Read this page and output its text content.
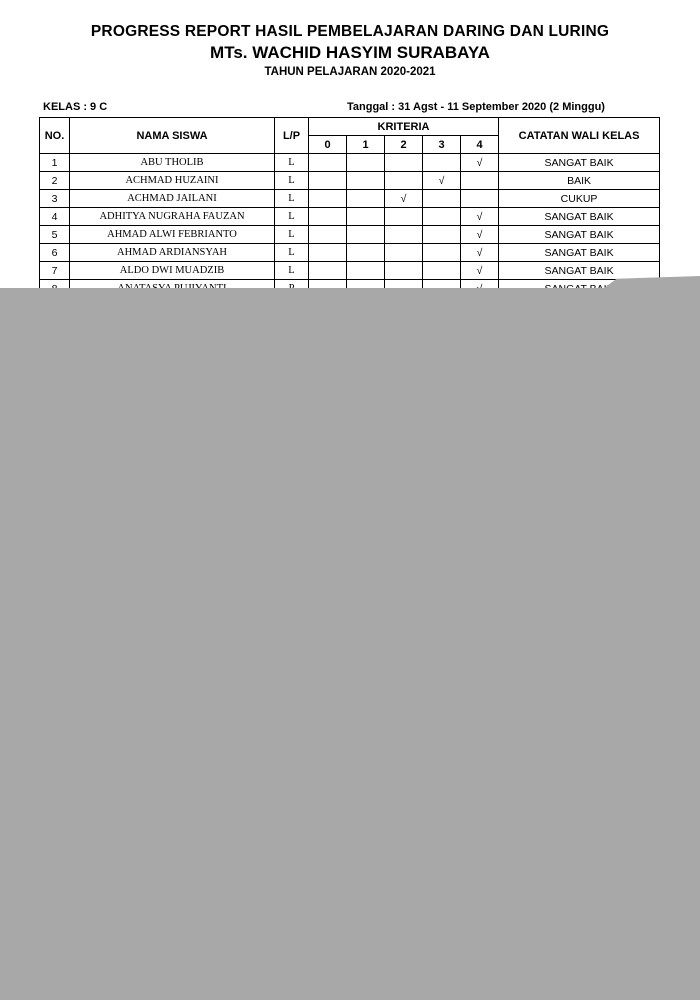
PROGRESS REPORT HASIL PEMBELAJARAN DARING DAN LURING
MTs. WACHID HASYIM SURABAYA
TAHUN PELAJARAN 2020-2021
KELAS : 9 C	Tanggal : 31 Agst - 11 September 2020 (2 Minggu)
NO.	NAMA SISWA	L/P	KRITERIA					CATATAN WALI KELAS
			0	1	2	3	4	
1	ABU THOLIB	L					√	SANGAT BAIK
2	ACHMAD HUZAINI	L				√		BAIK
3	ACHMAD JAILANI	L			√			CUKUP
4	ADHITYA NUGRAHA FAUZAN	L					√	SANGAT BAIK
5	AHMAD ALWI FEBRIANTO	L					√	SANGAT BAIK
6	AHMAD ARDIANSYAH	L					√	SANGAT BAIK
7	ALDO DWI MUADZIB	L					√	SANGAT BAIK
